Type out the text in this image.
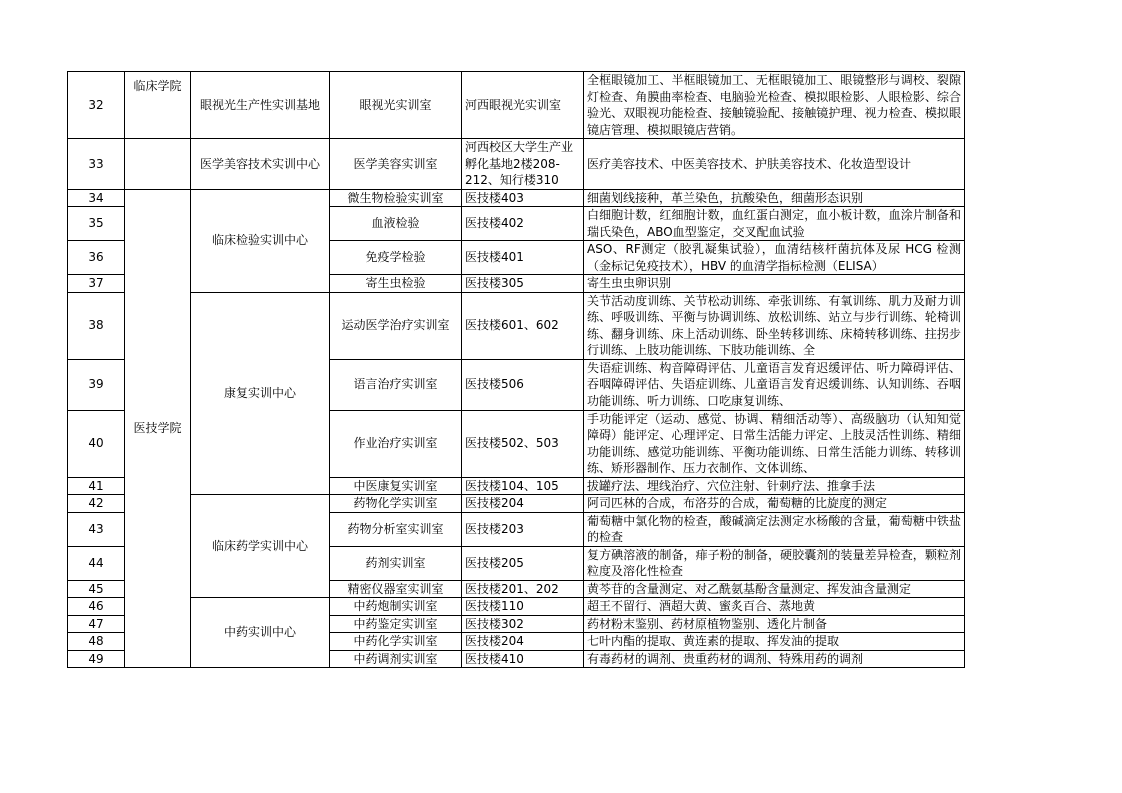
32	临床学院	眼视光生产性实训基地	眼视光实训室	河西眼视光实训室	全框眼镜加工、半框眼镜加工、无框眼镜加工、眼镜整形与调校、裂隙灯检查、角膜曲率检查、电脑验光检查、模拟眼检影、人眼检影、综合验光、双眼视功能检查、接触镜验配、接触镜护理、视力检查、模拟眼镜店管理、模拟眼镜店营销。
33		医学美容技术实训中心	医学美容实训室	河西校区大学生产业孵化基地2楼208-212、知行楼310	医疗美容技术、中医美容技术、护肤美容技术、化妆造型设计
34	医技学院	临床检验实训中心	微生物检验实训室	医技楼403	细菌划线接种，革兰染色，抗酸染色，细菌形态识别
35			血液检验	医技楼402	白细胞计数，红细胞计数，血红蛋白测定，血小板计数，血涂片制备和瑞氏染色，ABO血型鉴定，交叉配血试验
36			免疫学检验	医技楼401	ASO、RF测定（胶乳凝集试验），血清结核杆菌抗体及尿 HCG 检测（金标记免疫技术），HBV 的血清学指标检测（ELISA）
37			寄生虫检验	医技楼305	寄生虫虫卵识别
38		康复实训中心	运动医学治疗实训室	医技楼601、602	关节活动度训练、关节松动训练、牵张训练、有氧训练、肌力及耐力训练、呼吸训练、平衡与协调训练、放松训练、站立与步行训练、轮椅训练、翻身训练、床上活动训练、卧坐转移训练、床椅转移训练、拄拐步行训练、上肢功能训练、下肢功能训练、全

39			语言治疗实训室	医技楼506	失语症训练、构音障碍评估、儿童语言发育迟缓评估、听力障碍评估、吞咽障碍评估、失语症训练、儿童语言发育迟缓训练、认知训练、吞咽功能训练、听力训练、口吃康复训练、

40			作业治疗实训室	医技楼502、503	手功能评定（运动、感觉、协调、精细活动等）、高级脑功（认知知觉障碍）能评定、心理评定、日常生活能力评定、上肢灵活性训练、精细功能训练、感觉功能训练、平衡功能训练、日常生活能力训练、转移训练、矫形器制作、压力衣制作、文体训练、

41			中医康复实训室	医技楼104、105	拔罐疗法、埋线治疗、穴位注射、针刺疗法、推拿手法
42		临床药学实训中心	药物化学实训室	医技楼204	阿司匹林的合成，布洛芬的合成，葡萄糖的比旋度的测定
43			药物分析室实训室	医技楼203	葡萄糖中氯化物的检查，酸碱滴定法测定水杨酸的含量，葡萄糖中铁盐的检查
44			药剂实训室	医技楼205	复方碘溶液的制备，痱子粉的制备，硬胶囊剂的装量差异检查，颗粒剂粒度及溶化性检查
45			精密仪器室实训室	医技楼201、202	黄芩苷的含量测定、对乙酰氨基酚含量测定、挥发油含量测定
46		中药实训中心	中药炮制实训室	医技楼110	超王不留行、酒超大黄、蜜炙百合、蒸地黄
47			中药鉴定实训室	医技楼302	药材粉末鉴别、药材原植物鉴别、透化片制备
48			中药化学实训室	医技楼204	七叶内酯的提取、黄连素的提取、挥发油的提取
49			中药调剂实训室	医技楼410	有毒药材的调剂、贵重药材的调剂、特殊用药的调剂
